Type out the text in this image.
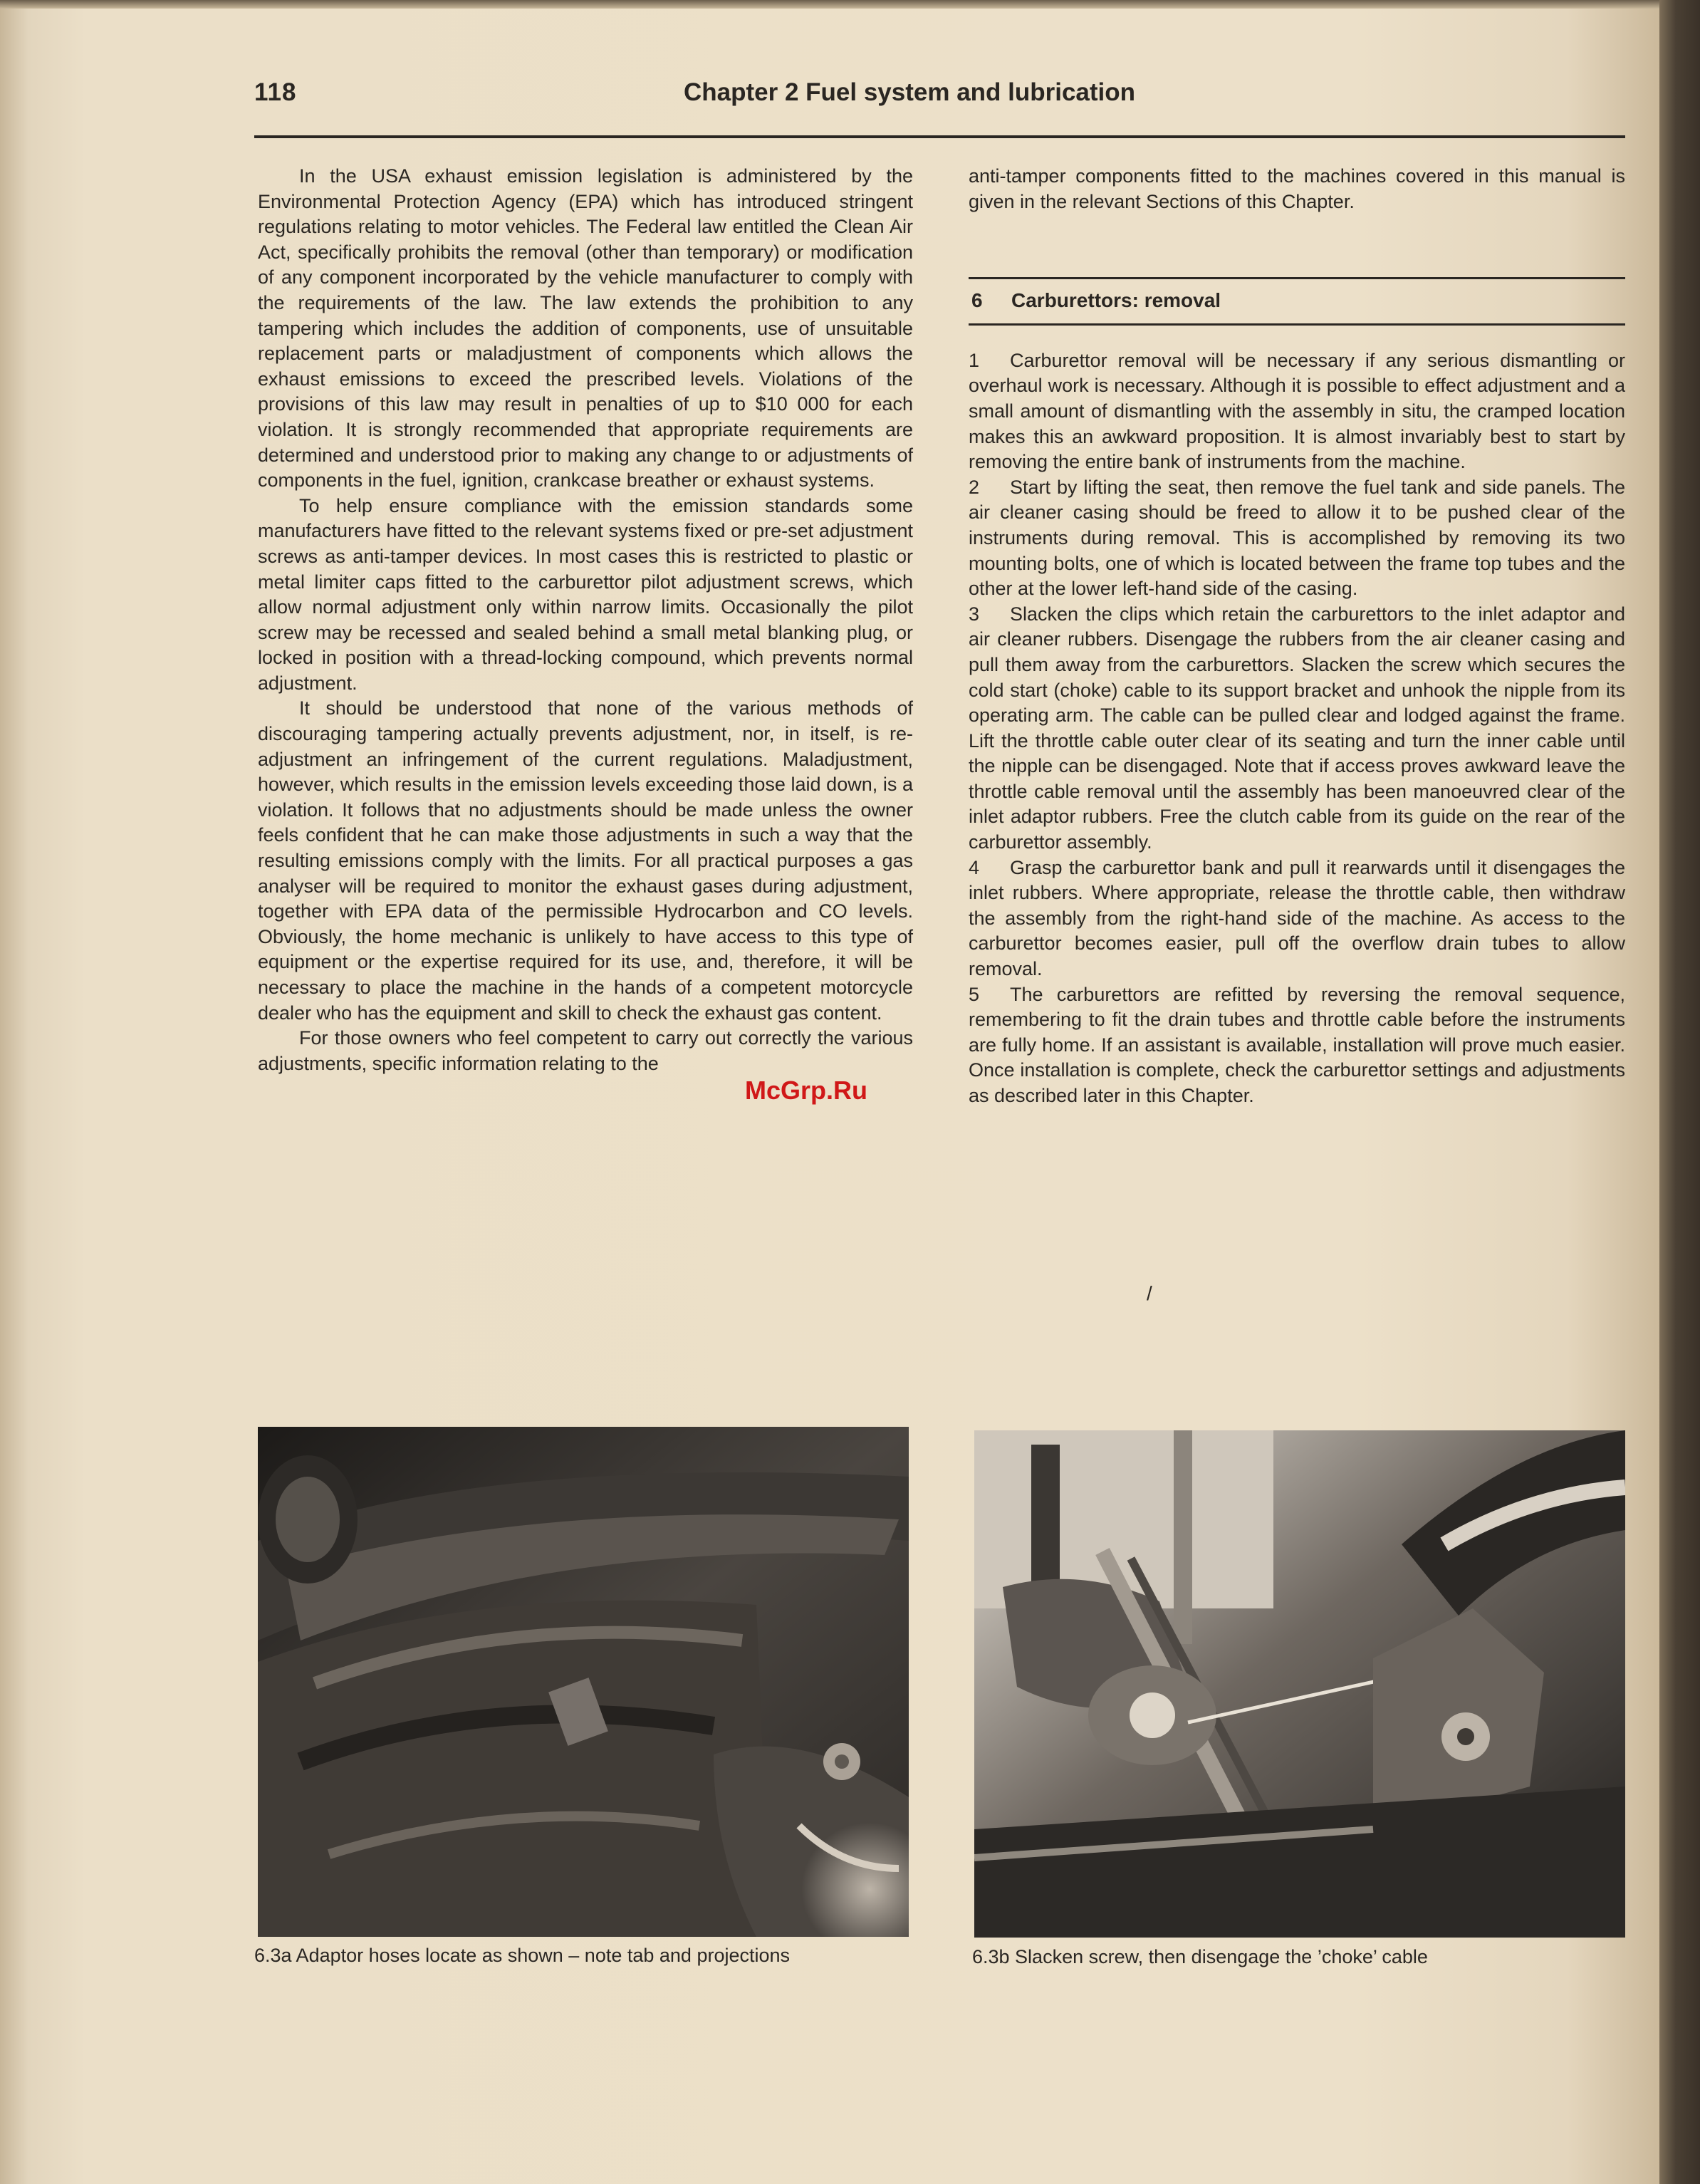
118	Chapter 2 Fuel system and lubrication

In the USA exhaust emission legislation is administered by the Environmental Protection Agency (EPA) which has introduced stringent regulations relating to motor vehicles. The Federal law entitled the Clean Air Act, specifically prohibits the removal (other than temporary) or modification of any component incorporated by the vehicle manufacturer to comply with the requirements of the law. The law extends the prohibition to any tampering which includes the addition of components, use of unsuitable replacement parts or maladjustment of components which allows the exhaust emissions to exceed the prescribed levels. Violations of the provisions of this law may result in penalties of up to $10 000 for each violation. It is strongly recommended that appropriate requirements are determined and understood prior to making any change to or adjustments of components in the fuel, ignition, crankcase breather or exhaust systems.

To help ensure compliance with the emission standards some manufacturers have fitted to the relevant systems fixed or pre-set adjustment screws as anti-tamper devices. In most cases this is restricted to plastic or metal limiter caps fitted to the carburettor pilot adjustment screws, which allow normal adjustment only within narrow limits. Occasionally the pilot screw may be recessed and sealed behind a small metal blanking plug, or locked in position with a thread-locking compound, which prevents normal adjustment.

It should be understood that none of the various methods of discouraging tampering actually prevents adjustment, nor, in itself, is re-adjustment an infringement of the current regulations. Maladjustment, however, which results in the emission levels exceeding those laid down, is a violation. It follows that no adjustments should be made unless the owner feels confident that he can make those adjustments in such a way that the resulting emissions comply with the limits. For all practical purposes a gas analyser will be required to monitor the exhaust gases during adjustment, together with EPA data of the permissible Hydrocarbon and CO levels. Obviously, the home mechanic is unlikely to have access to this type of equipment or the expertise required for its use, and, therefore, it will be necessary to place the machine in the hands of a competent motorcycle dealer who has the equipment and skill to check the exhaust gas content.

For those owners who feel competent to carry out correctly the various adjustments, specific information relating to the

anti-tamper components fitted to the machines covered in this manual is given in the relevant Sections of this Chapter.

6 Carburettors: removal

1 Carburettor removal will be necessary if any serious dismantling or overhaul work is necessary. Although it is possible to effect adjustment and a small amount of dismantling with the assembly in situ, the cramped location makes this an awkward proposition. It is almost invariably best to start by removing the entire bank of instruments from the machine.

2 Start by lifting the seat, then remove the fuel tank and side panels. The air cleaner casing should be freed to allow it to be pushed clear of the instruments during removal. This is accomplished by removing its two mounting bolts, one of which is located between the frame top tubes and the other at the lower left-hand side of the casing.

3 Slacken the clips which retain the carburettors to the inlet adaptor and air cleaner rubbers. Disengage the rubbers from the air cleaner casing and pull them away from the carburettors. Slacken the screw which secures the cold start (choke) cable to its support bracket and unhook the nipple from its operating arm. The cable can be pulled clear and lodged against the frame. Lift the throttle cable outer clear of its seating and turn the inner cable until the nipple can be disengaged. Note that if access proves awkward leave the throttle cable removal until the assembly has been manoeuvred clear of the inlet adaptor rubbers. Free the clutch cable from its guide on the rear of the carburettor assembly.

4 Grasp the carburettor bank and pull it rearwards until it disengages the inlet rubbers. Where appropriate, release the throttle cable, then withdraw the assembly from the right-hand side of the machine. As access to the carburettor becomes easier, pull off the overflow drain tubes to allow removal.

5 The carburettors are refitted by reversing the removal sequence, remembering to fit the drain tubes and throttle cable before the instruments are fully home. If an assistant is available, installation will prove much easier. Once installation is complete, check the carburettor settings and adjustments as described later in this Chapter.

McGrp.Ru
/
6.3a Adaptor hoses locate as shown – note tab and projections	6.3b Slacken screw, then disengage the ’choke’ cable
